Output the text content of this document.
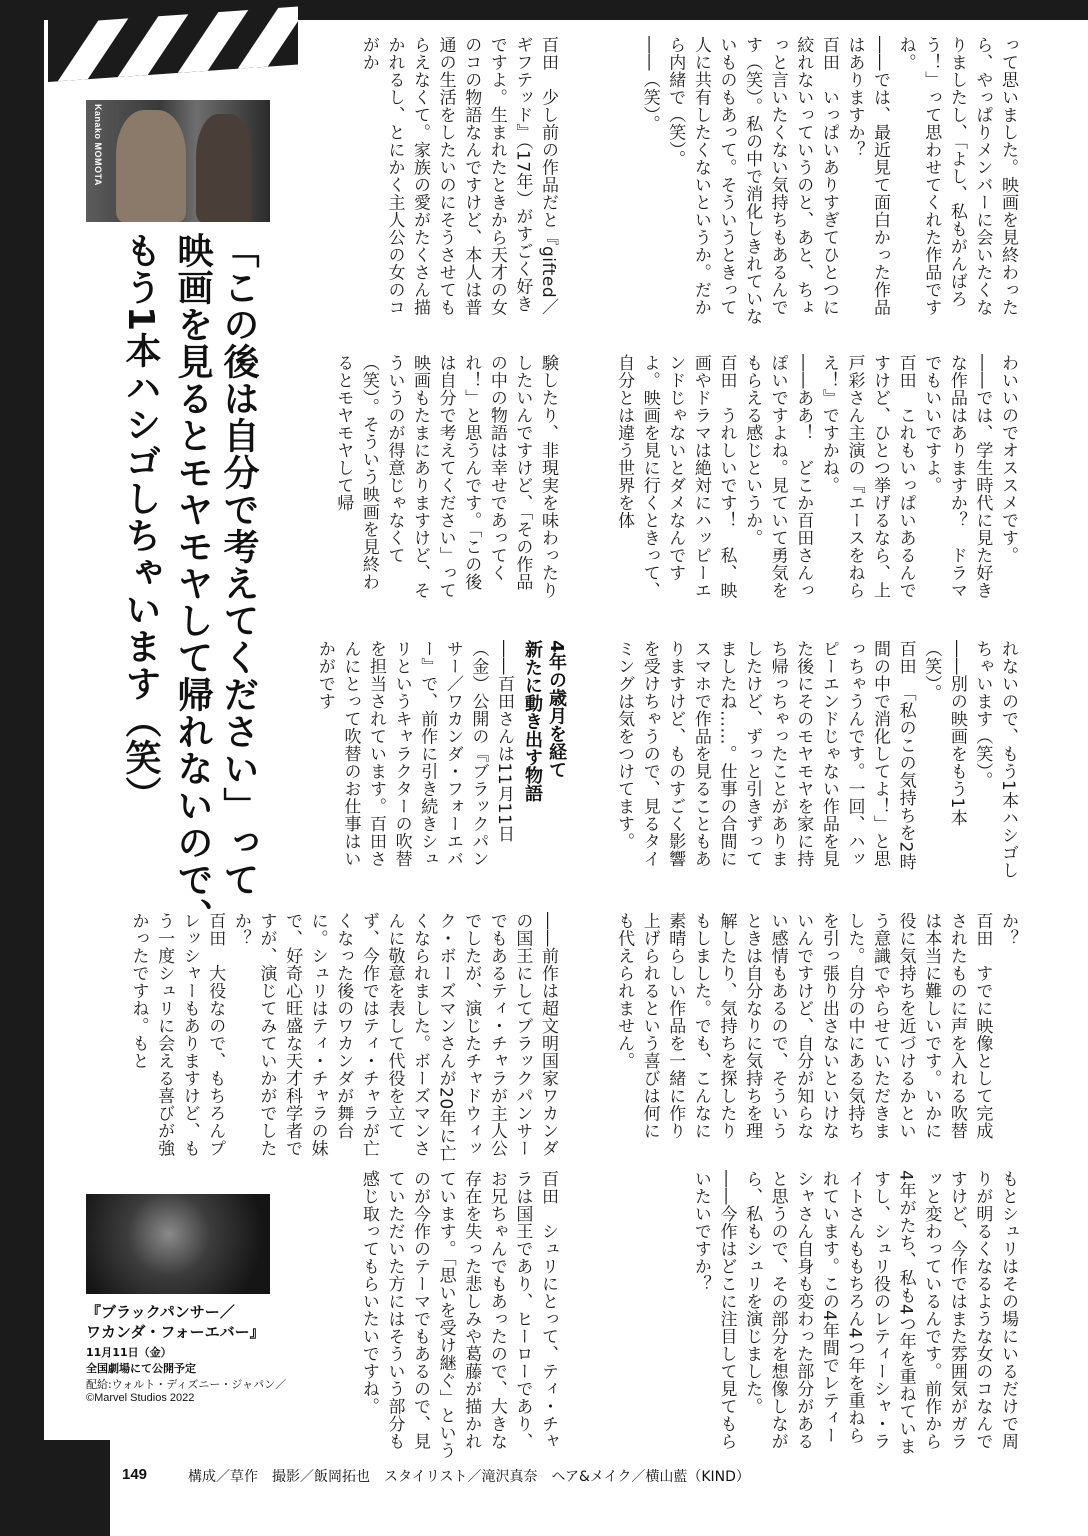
Kanako MOMOTA
「この後は自分で考えてください」って
映画を見るとモヤモヤして帰れないので、
もう1本ハシゴしちゃいます（笑）

って思いました。映画を見終わったら、やっぱりメンバーに会いたくなりましたし、「よし、私もがんばろう！」って思わせてくれた作品ですね。

――では、最近見て面白かった作品はありますか？

百田　いっぱいありすぎてひとつに絞れないっていうのと、あと、ちょっと言いたくない気持ちもあるんです（笑）。私の中で消化しきれていないものもあって。そういうときって人に共有したくないというか。だから内緒で（笑）。

――（笑）。

百田　少し前の作品だと『gifted／ギフテッド』（17年）がすごく好きですよ。生まれたときから天才の女のコの物語なんですけど、本人は普通の生活をしたいのにそうさせてもらえなくて。家族の愛がたくさん描かれるし、とにかく主人公の女のコがか

わいいのでオススメです。

――では、学生時代に見た好きな作品はありますか？　ドラマでもいいですよ。

百田　これもいっぱいあるんですけど、ひとつ挙げるなら、上戸彩さん主演の『エースをねらえ！』ですかね。

――ああ！　どこか百田さんっぽいですよね。見ていて勇気をもらえる感じというか。

百田　うれしいです！　私、映画やドラマは絶対にハッピーエンドじゃないとダメなんですよ。映画を見に行くときって、自分とは違う世界を体

験したり、非現実を味わったりしたいんですけど、「その作品の中の物語は幸せであってくれ！」と思うんです。「この後は自分で考えてください」って映画もたまにありますけど、そういうのが得意じゃなくて（笑）。そういう映画を見終わるとモヤモヤして帰

れないので、もう1本ハシゴしちゃいます（笑）。

――別の映画をもう1本（笑）。

百田　「私のこの気持ちを2時間の中で消化してよ！」と思っちゃうんです。一回、ハッピーエンドじゃない作品を見た後にそのモヤモヤを家に持ち帰っちゃったことがありましたけど、ずっと引きずってましたね……。仕事の合間にスマホで作品を見ることもありますけど、ものすごく影響を受けちゃうので、見るタイミングは気をつけてます。

4年の歳月を経て
新たに動き出す物語

――百田さんは11月11日（金）公開の『ブラックパンサー／ワカンダ・フォーエバー』で、前作に引き続きシュリというキャラクターの吹替を担当されています。百田さんにとって吹替のお仕事はいかがです

か？

百田　すでに映像として完成されたものに声を入れる吹替は本当に難しいです。いかに役に気持ちを近づけるかという意識でやらせていただきました。自分の中にある気持ちを引っ張り出さないといけないんですけど、自分が知らない感情もあるので、そういうときは自分なりに気持ちを理解したり、気持ちを探したりもしました。でも、こんなに素晴らしい作品を一緒に作り上げられるという喜びは何にも代えられません。

――前作は超文明国家ワカンダの国王にしてブラックパンサーでもあるティ・チャラが主人公でしたが、演じたチャドウィック・ボーズマンさんが20年に亡くなられました。ボーズマンさんに敬意を表して代役を立てず、今作ではティ・チャラが亡くなった後のワカンダが舞台に。シュリはティ・チャラの妹で、好奇心旺盛な天才科学者ですが、演じてみていかがでしたか？

百田　大役なので、もちろんプレッシャーもありますけど、もう一度シュリに会える喜びが強かったですね。もと

もとシュリはその場にいるだけで周りが明るくなるような女のコなんですけど、今作ではまた雰囲気がガラッと変わっているんです。前作から4年がたち、私も4つ年を重ねていますし、シュリ役のレティーシャ・ライトさんももちろん4つ年を重ねられています。この4年間でレティーシャさん自身も変わった部分があると思うので、その部分を想像しながら、私もシュリを演じました。

――今作はどこに注目して見てもらいたいですか？

百田　シュリにとって、ティ・チャラは国王であり、ヒーローであり、お兄ちゃんでもあったので、大きな存在を失った悲しみや葛藤が描かれています。「思いを受け継ぐ」というのが今作のテーマでもあるので、見ていただいた方にはそういう部分も感じ取ってもらいたいですね。

『ブラックパンサー／
ワカンダ・フォーエバー』
11月11日（金）
全国劇場にて公開予定
配給:ウォルト・ディズニー・ジャパン／
©Marvel Studios 2022
149	構成／草作　撮影／飯岡拓也　スタイリスト／滝沢真奈　ヘア&メイク／横山藍（KIND）
